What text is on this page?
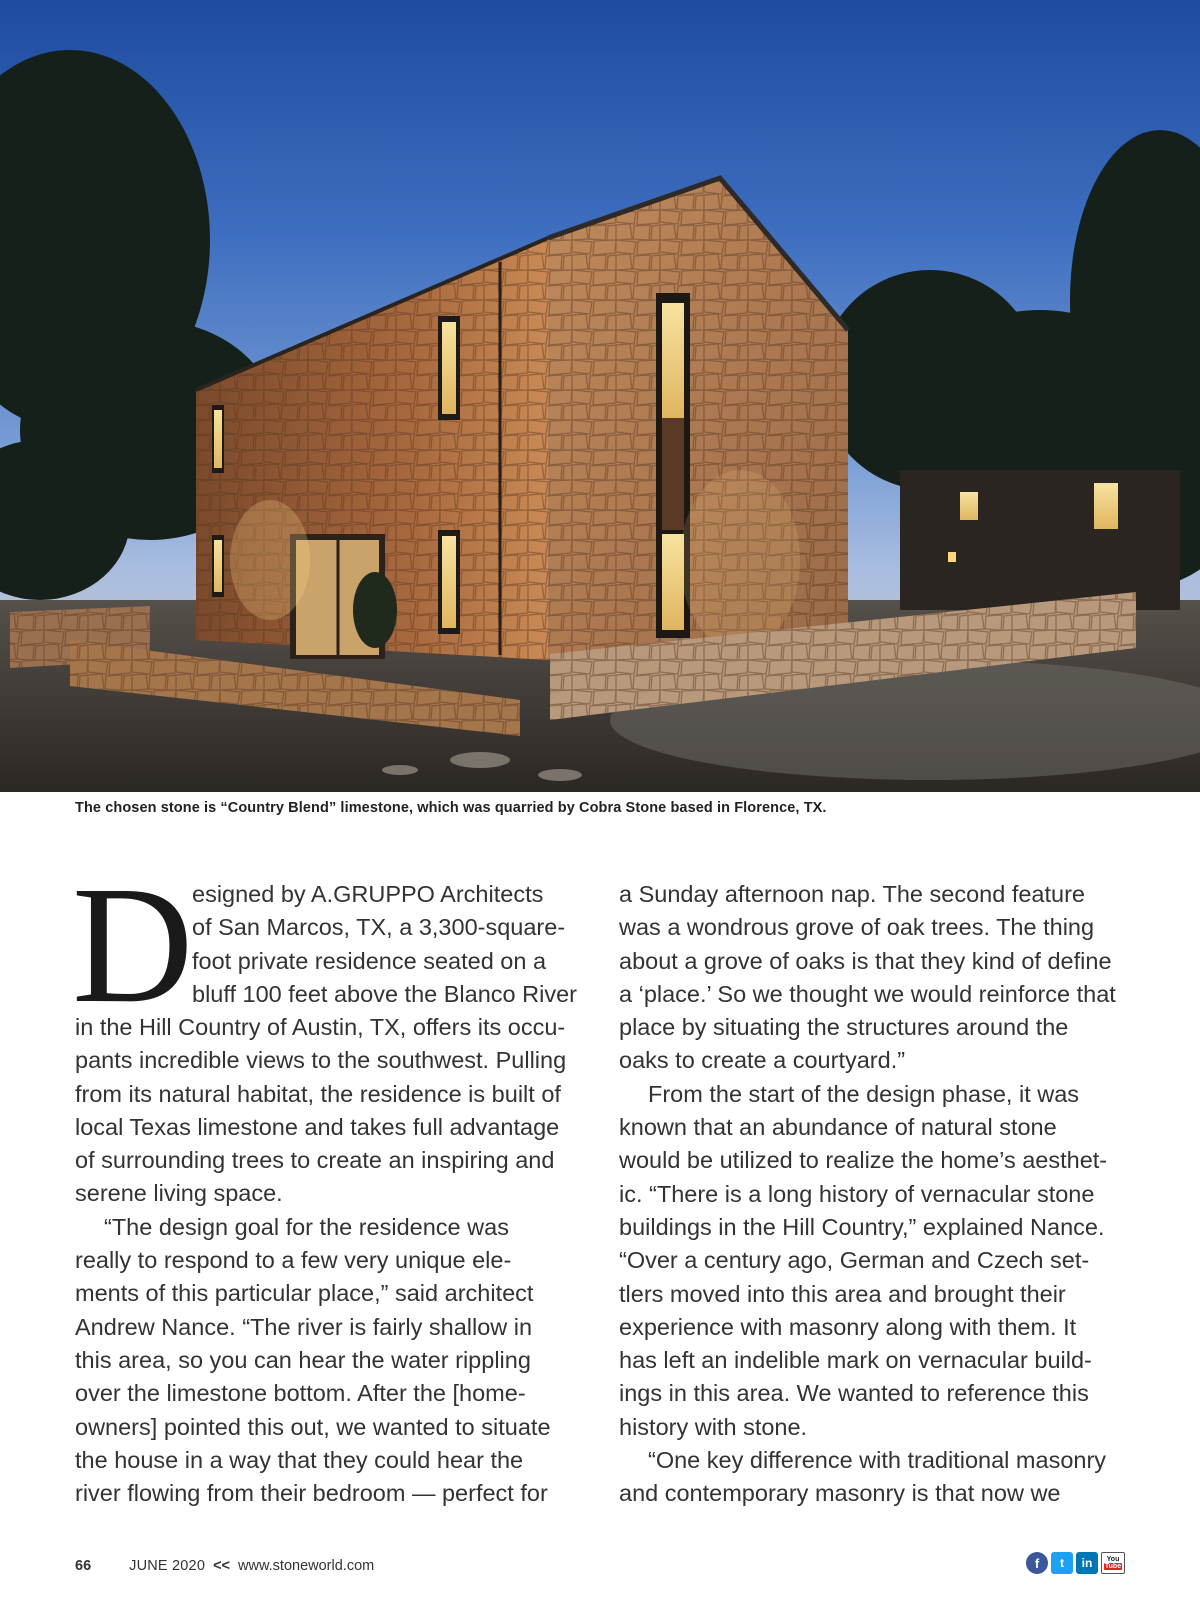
The chosen stone is “Country Blend” limestone, which was quarried by Cobra Stone based in Florence, TX.
D
esigned by A.GRUPPO Architects
of San Marcos, TX, a 3,300-square-
foot private residence seated on a
bluff 100 feet above the Blanco River

in the Hill Country of Austin, TX, offers its occu-
pants incredible views to the southwest. Pulling
from its natural habitat, the residence is built of
local Texas limestone and takes full advantage
of surrounding trees to create an inspiring and
serene living space.

“The design goal for the residence was
really to respond to a few very unique ele-
ments of this particular place,” said architect
Andrew Nance. “The river is fairly shallow in
this area, so you can hear the water rippling
over the limestone bottom. After the [home-
owners] pointed this out, we wanted to situate
the house in a way that they could hear the
river flowing from their bedroom — perfect for

a Sunday afternoon nap. The second feature
was a wondrous grove of oak trees. The thing
about a grove of oaks is that they kind of define
a ‘place.’ So we thought we would reinforce that
place by situating the structures around the
oaks to create a courtyard.”

From the start of the design phase, it was
known that an abundance of natural stone
would be utilized to realize the home’s aesthet-
ic. “There is a long history of vernacular stone
buildings in the Hill Country,” explained Nance.
“Over a century ago, German and Czech set-
tlers moved into this area and brought their
experience with masonry along with them. It
has left an indelible mark on vernacular build-
ings in this area. We wanted to reference this
history with stone.

“One key difference with traditional masonry
and contemporary masonry is that now we

66	JUNE 2020 << www.stoneworld.com	f	t	in	You
Tube
